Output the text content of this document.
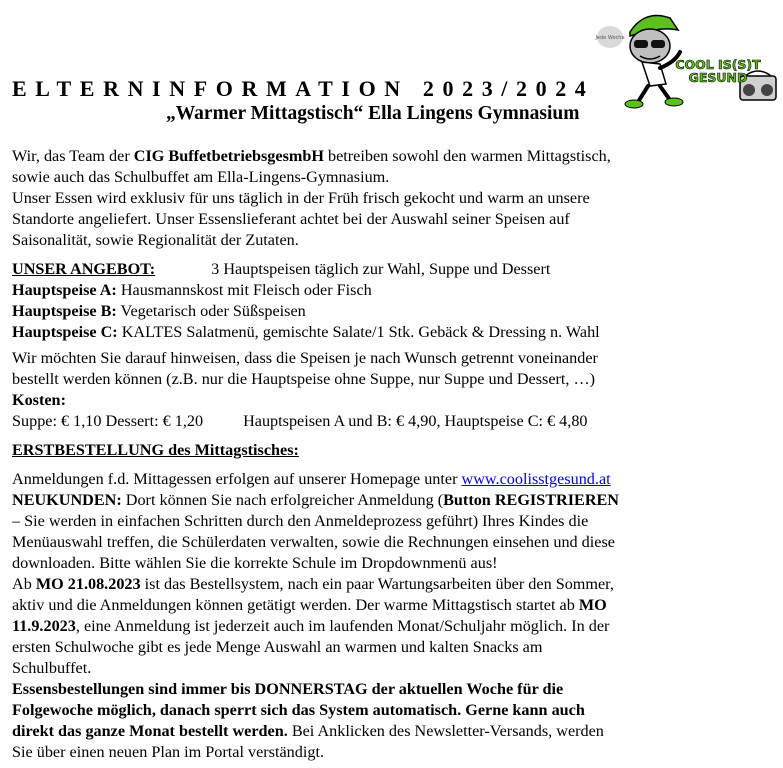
Jede Woche
COOL IS(S)T
GESUND
ELTERNINFORMATION 2023/2024
„Warmer Mittagstisch“ Ella Lingens Gymnasium

Wir, das Team der CIG BuffetbetriebsgesmbH betreiben sowohl den warmen Mittagstisch,

sowie auch das Schulbuffet am Ella-Lingens-Gymnasium.

Unser Essen wird exklusiv für uns täglich in der Früh frisch gekocht und warm an unsere

Standorte angeliefert. Unser Essenslieferant achtet bei der Auswahl seiner Speisen auf

Saisonalität, sowie Regionalität der Zutaten.

UNSER ANGEBOT:	3 Hauptspeisen täglich zur Wahl, Suppe und Dessert

Hauptspeise A: Hausmannskost mit Fleisch oder Fisch

Hauptspeise B: Vegetarisch oder Süßspeisen

Hauptspeise C: KALTES Salatmenü, gemischte Salate/1 Stk. Gebäck & Dressing n. Wahl

Wir möchten Sie darauf hinweisen, dass die Speisen je nach Wunsch getrennt voneinander

bestellt werden können (z.B. nur die Hauptspeise ohne Suppe, nur Suppe und Dessert, …)

Kosten:

Suppe: € 1,10 Dessert: € 1,20 Hauptspeisen A und B: € 4,90, Hauptspeise C: € 4,80

ERSTBESTELLUNG des Mittagstisches:

Anmeldungen f.d. Mittagessen erfolgen auf unserer Homepage unter www.coolisstgesund.at

NEUKUNDEN: Dort können Sie nach erfolgreicher Anmeldung (Button REGISTRIEREN

– Sie werden in einfachen Schritten durch den Anmeldeprozess geführt) Ihres Kindes die

Menüauswahl treffen, die Schülerdaten verwalten, sowie die Rechnungen einsehen und diese

downloaden. Bitte wählen Sie die korrekte Schule im Dropdownmenü aus!

Ab MO 21.08.2023 ist das Bestellsystem, nach ein paar Wartungsarbeiten über den Sommer,

aktiv und die Anmeldungen können getätigt werden. Der warme Mittagstisch startet ab MO

11.9.2023, eine Anmeldung ist jederzeit auch im laufenden Monat/Schuljahr möglich. In der

ersten Schulwoche gibt es jede Menge Auswahl an warmen und kalten Snacks am

Schulbuffet.

Essensbestellungen sind immer bis DONNERSTAG der aktuellen Woche für die

Folgewoche möglich, danach sperrt sich das System automatisch. Gerne kann auch

direkt das ganze Monat bestellt werden. Bei Anklicken des Newsletter-Versands, werden

Sie über einen neuen Plan im Portal verständigt.
